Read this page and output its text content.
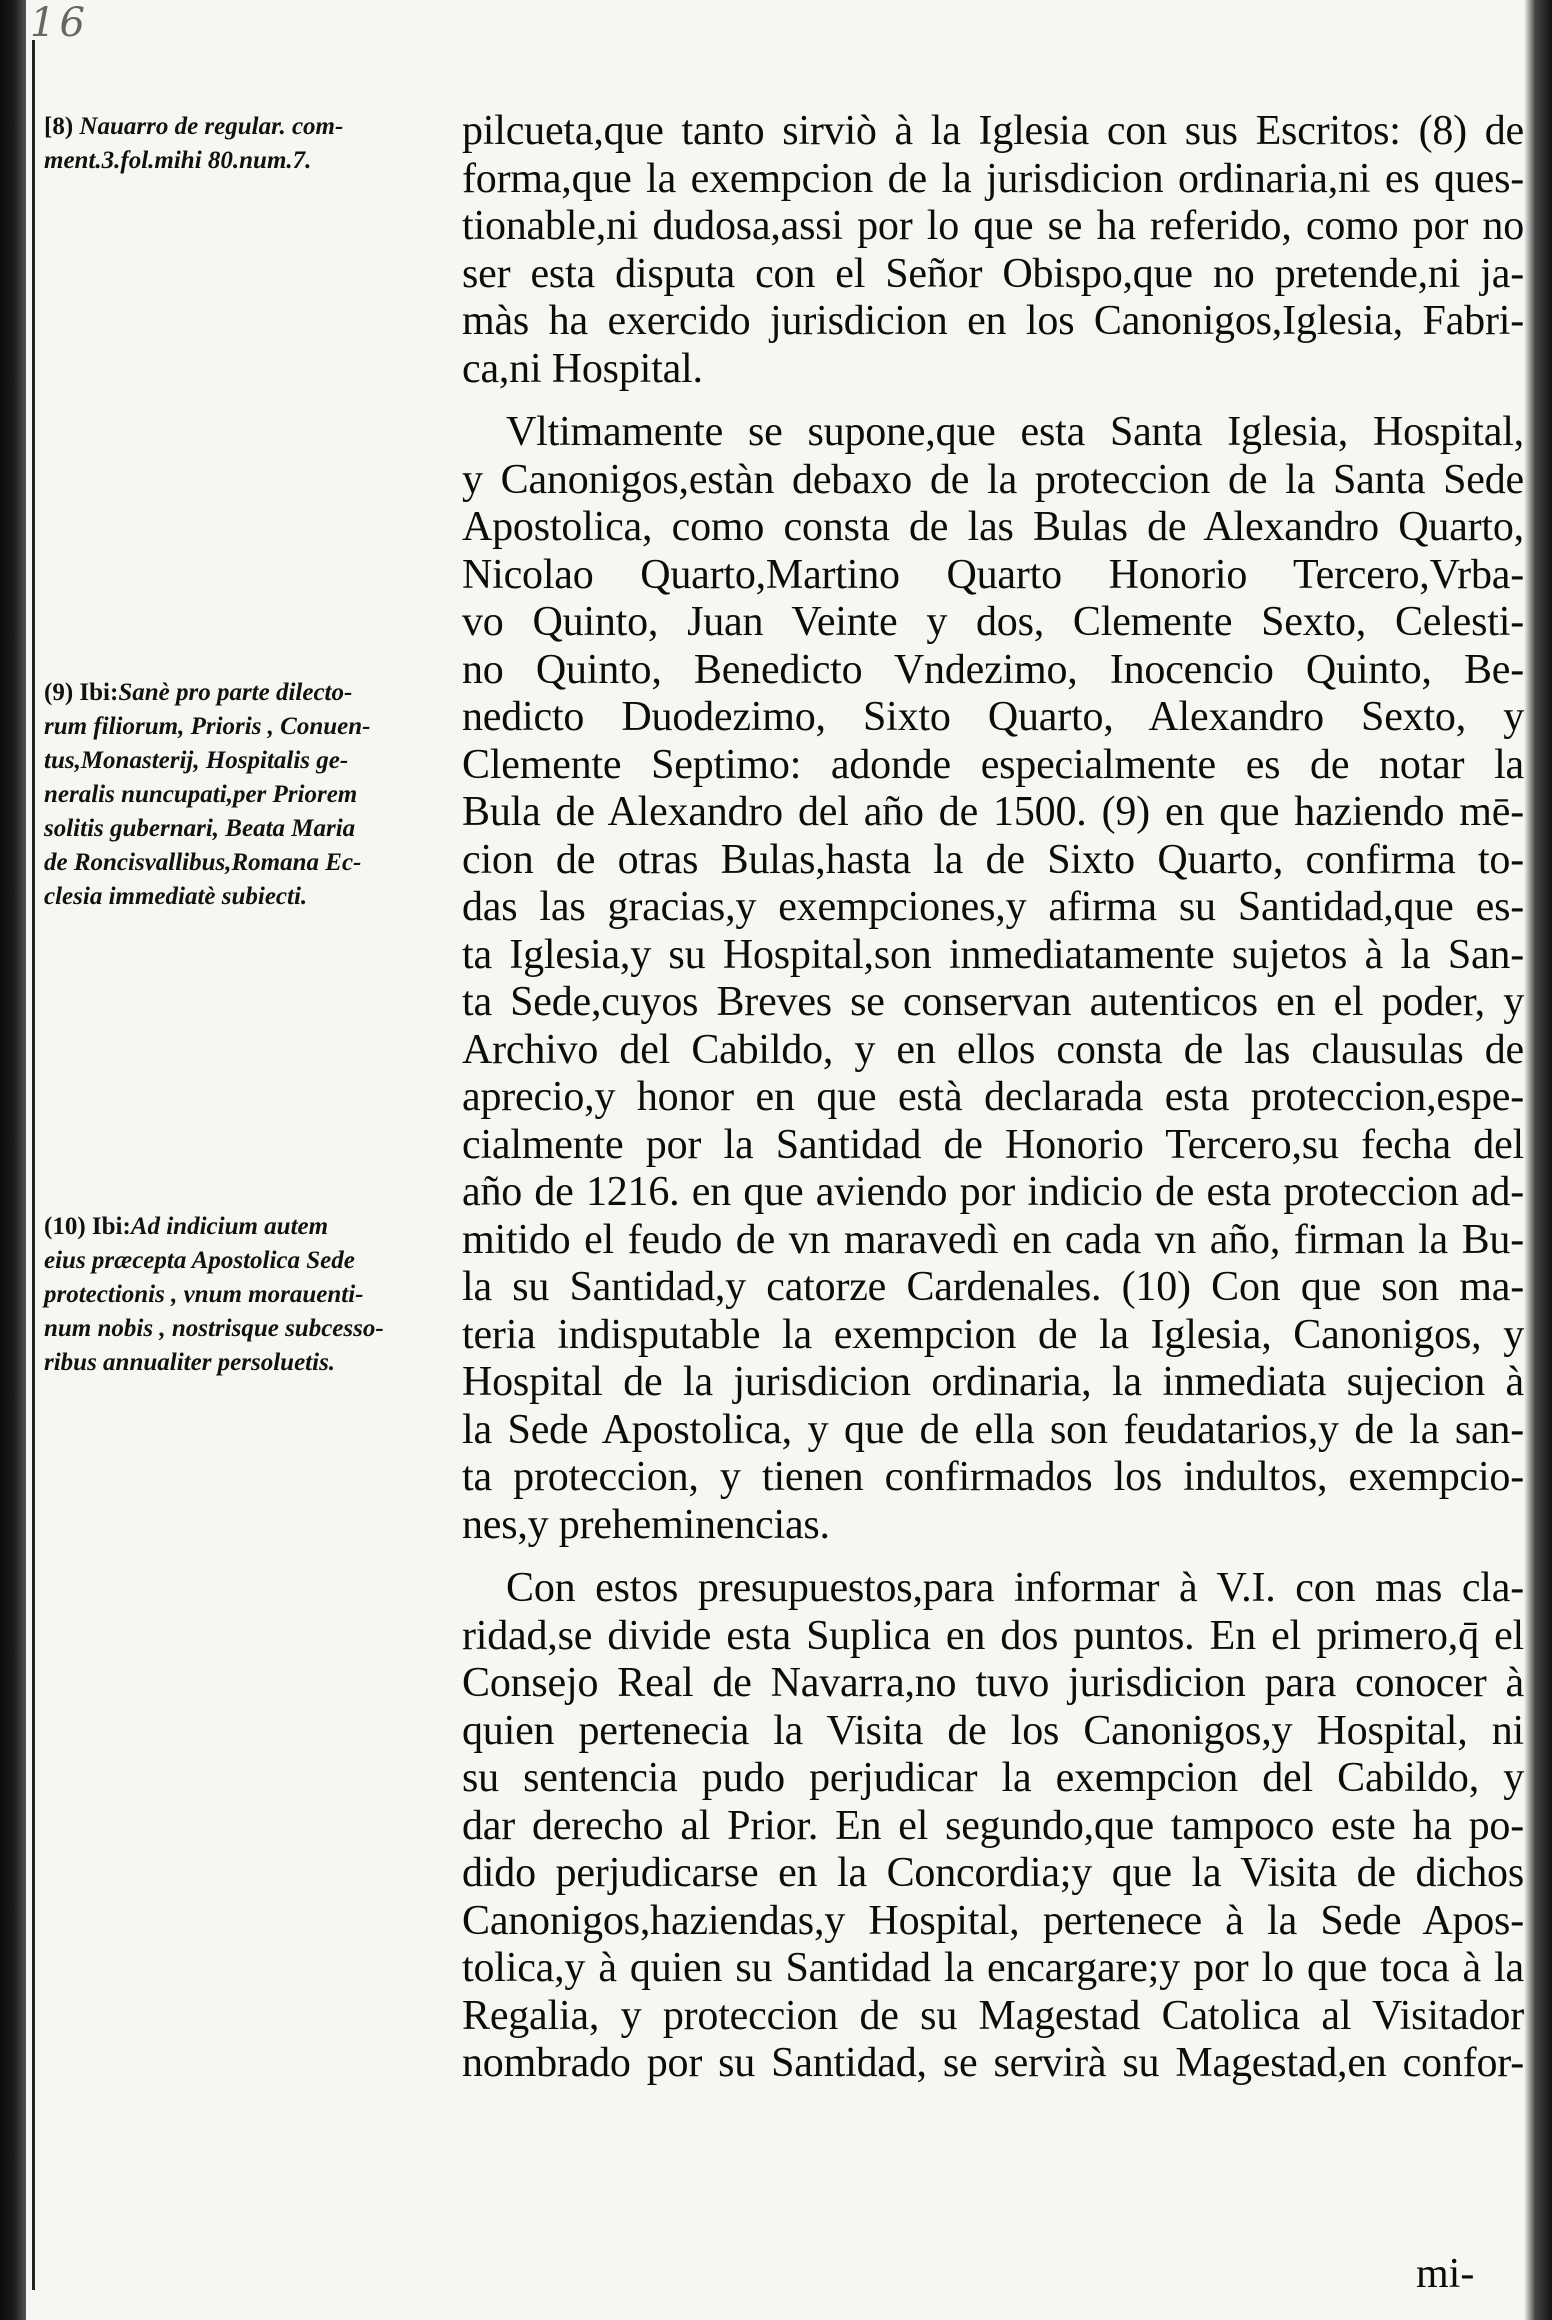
16

[8) Nauarro de regular. com-
ment.3.fol.mihi 80.num.7.
(9) Ibi:Sanè pro parte dilecto-
rum filiorum, Prioris , Conuen-
tus,Monasterij, Hospitalis ge-
neralis nuncupati,per Priorem
solitis gubernari, Beata Maria
de Roncisvallibus,Romana Ec-
clesia immediatè subiecti.
(10) Ibi:Ad indicium autem
eius præcepta Apostolica Sede
protectionis , vnum morauenti-
num nobis , nostrisque subcesso-
ribus annualiter persoluetis.
pilcueta,que tanto sirviò à la Iglesia con sus Escritos: (8) de
forma,que la exempcion de la jurisdicion ordinaria,ni es ques-
tionable,ni dudosa,assi por lo que se ha referido, como por no
ser esta disputa con el Señor Obispo,que no pretende,ni ja-
màs ha exercido jurisdicion en los Canonigos,Iglesia, Fabri-
ca,ni Hospital.
Vltimamente se supone,que esta Santa Iglesia, Hospital,
y Canonigos,estàn debaxo de la proteccion de la Santa Sede
Apostolica, como consta de las Bulas de Alexandro Quarto,
Nicolao Quarto,Martino Quarto Honorio Tercero,Vrba-
vo Quinto, Juan Veinte y dos, Clemente Sexto, Celesti-
no Quinto, Benedicto Vndezimo, Inocencio Quinto, Be-
nedicto Duodezimo, Sixto Quarto, Alexandro Sexto, y
Clemente Septimo: adonde especialmente es de notar la
Bula de Alexandro del año de 1500. (9) en que haziendo mē-
cion de otras Bulas,hasta la de Sixto Quarto, confirma to-
das las gracias,y exempciones,y afirma su Santidad,que es-
ta Iglesia,y su Hospital,son inmediatamente sujetos à la San-
ta Sede,cuyos Breves se conservan autenticos en el poder, y
Archivo del Cabildo, y en ellos consta de las clausulas de
aprecio,y honor en que està declarada esta proteccion,espe-
cialmente por la Santidad de Honorio Tercero,su fecha del
año de 1216. en que aviendo por indicio de esta proteccion ad-
mitido el feudo de vn maravedì en cada vn año, firman la Bu-
la su Santidad,y catorze Cardenales. (10) Con que son ma-
teria indisputable la exempcion de la Iglesia, Canonigos, y
Hospital de la jurisdicion ordinaria, la inmediata sujecion à
la Sede Apostolica, y que de ella son feudatarios,y de la san-
ta proteccion, y tienen confirmados los indultos, exempcio-
nes,y preheminencias.
Con estos presupuestos,para informar à V.I. con mas cla-
ridad,se divide esta Suplica en dos puntos. En el primero,q̄ el
Consejo Real de Navarra,no tuvo jurisdicion para conocer à
quien pertenecia la Visita de los Canonigos,y Hospital, ni
su sentencia pudo perjudicar la exempcion del Cabildo, y
dar derecho al Prior. En el segundo,que tampoco este ha po-
dido perjudicarse en la Concordia;y que la Visita de dichos
Canonigos,haziendas,y Hospital, pertenece à la Sede Apos-
tolica,y à quien su Santidad la encargare;y por lo que toca à la
Regalia, y proteccion de su Magestad Catolica al Visitador
nombrado por su Santidad, se servirà su Magestad,en confor-
mi-
